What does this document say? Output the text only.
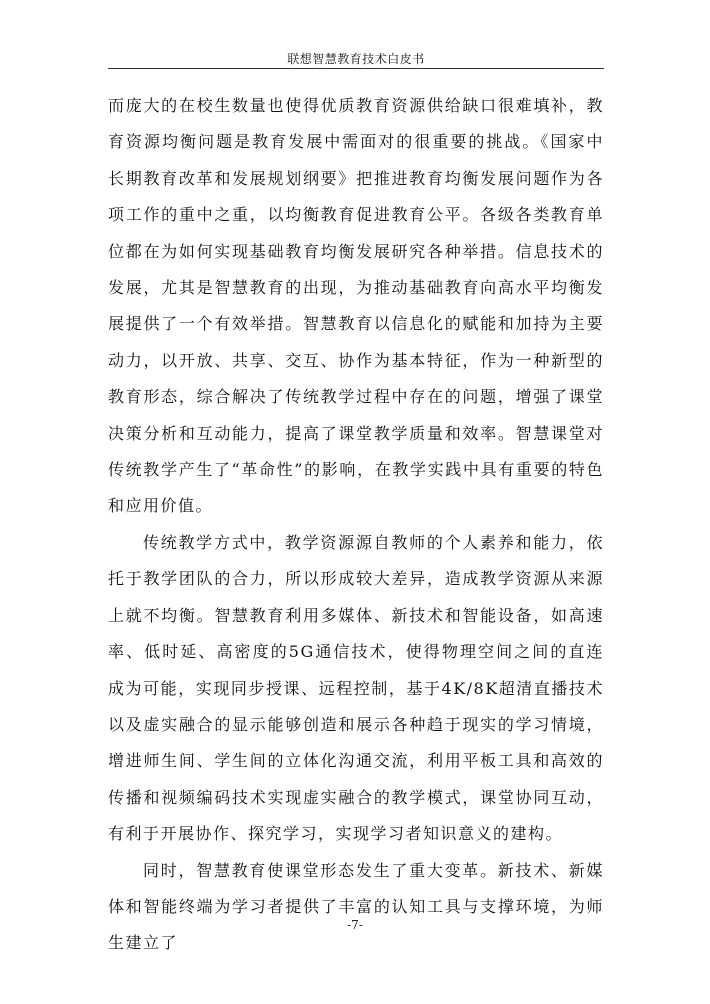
联想智慧教育技术白皮书

而庞大的在校生数量也使得优质教育资源供给缺口很难填补，教育资源均衡问题是教育发展中需面对的很重要的挑战。《国家中长期教育改革和发展规划纲要》把推进教育均衡发展问题作为各项工作的重中之重，以均衡教育促进教育公平。各级各类教育单位都在为如何实现基础教育均衡发展研究各种举措。信息技术的发展，尤其是智慧教育的出现，为推动基础教育向高水平均衡发展提供了一个有效举措。智慧教育以信息化的赋能和加持为主要动力，以开放、共享、交互、协作为基本特征，作为一种新型的教育形态，综合解决了传统教学过程中存在的问题，增强了课堂决策分析和互动能力，提高了课堂教学质量和效率。智慧课堂对传统教学产生了“革命性”的影响，在教学实践中具有重要的特色和应用价值。

传统教学方式中，教学资源源自教师的个人素养和能力，依托于教学团队的合力，所以形成较大差异，造成教学资源从来源上就不均衡。智慧教育利用多媒体、新技术和智能设备，如高速率、低时延、高密度的5G通信技术，使得物理空间之间的直连成为可能，实现同步授课、远程控制，基于4K/8K超清直播技术以及虚实融合的显示能够创造和展示各种趋于现实的学习情境，增进师生间、学生间的立体化沟通交流，利用平板工具和高效的传播和视频编码技术实现虚实融合的教学模式，课堂协同互动，有利于开展协作、探究学习，实现学习者知识意义的建构。

同时，智慧教育使课堂形态发生了重大变革。新技术、新媒体和智能终端为学习者提供了丰富的认知工具与支撑环境，为师生建立了

-7-
